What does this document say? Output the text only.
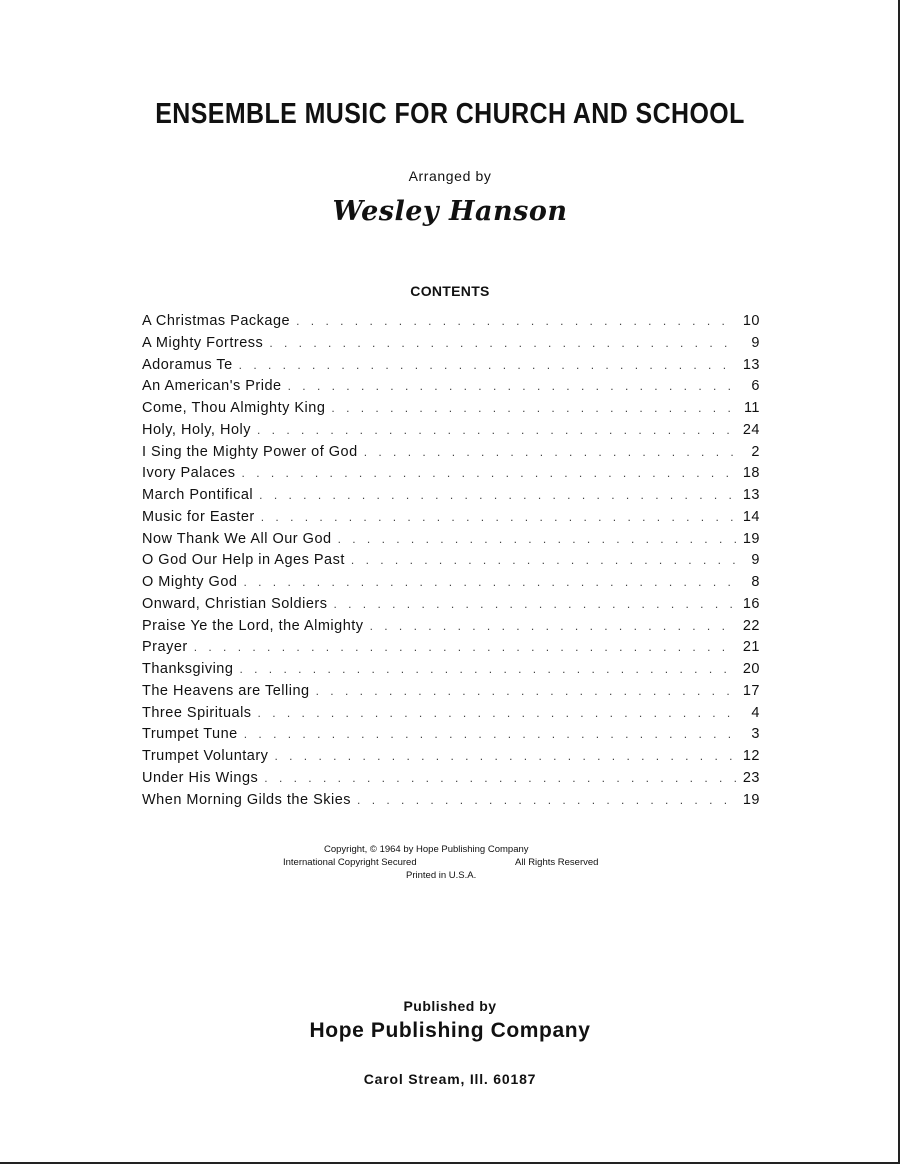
ENSEMBLE MUSIC FOR CHURCH AND SCHOOL
Arranged by
Wesley Hanson
CONTENTS
A Christmas Package . . .	10
A Mighty Fortress . . .	9
Adoramus Te . . .	13
An American's Pride . . .	6
Come, Thou Almighty King . . .	11
Holy, Holy, Holy . . .	24
I Sing the Mighty Power of God . . .	2
Ivory Palaces . . .	18
March Pontifical . . .	13
Music for Easter . . .	14
Now Thank We All Our God . . .	19
O God Our Help in Ages Past . . .	9
O Mighty God . . .	8
Onward, Christian Soldiers . . .	16
Praise Ye the Lord, the Almighty . . .	22
Prayer . . .	21
Thanksgiving . . .	20
The Heavens are Telling . . .	17
Three Spirituals . . .	4
Trumpet Tune . . .	3
Trumpet Voluntary . . .	12
Under His Wings . . .	23
When Morning Gilds the Skies . . .	19
Copyright, © 1964 by Hope Publishing Company
International Copyright Secured	All Rights Reserved
Printed in U.S.A.
Published by
Hope Publishing Company
Carol Stream, Ill. 60187
